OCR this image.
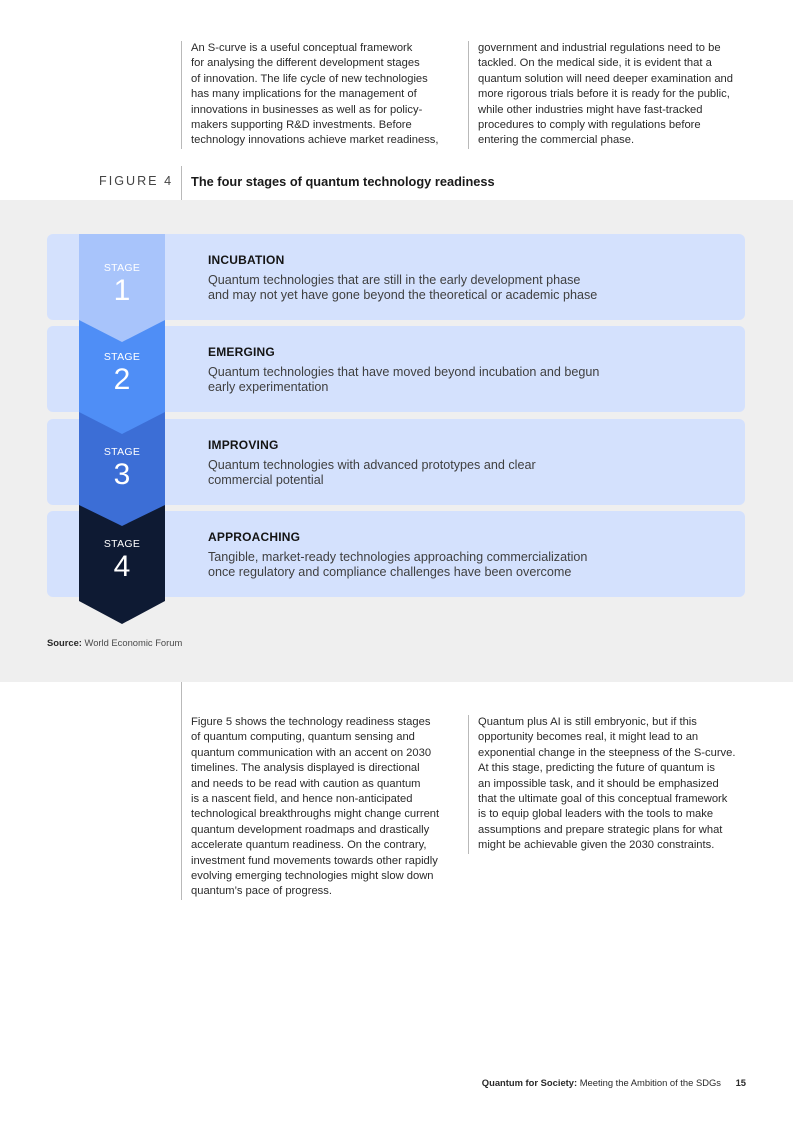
An S-curve is a useful conceptual framework
for analysing the different development stages
of innovation. The life cycle of new technologies
has many implications for the management of
innovations in businesses as well as for policy-
makers supporting R&D investments. Before
technology innovations achieve market readiness,

government and industrial regulations need to be
tackled. On the medical side, it is evident that a
quantum solution will need deeper examination and
more rigorous trials before it is ready for the public,
while other industries might have fast-tracked
procedures to comply with regulations before
entering the commercial phase.

FIGURE 4 The four stages of quantum technology readiness
INCUBATION
Quantum technologies that are still in the early development phase
and may not yet have gone beyond the theoretical or academic phase
EMERGING
Quantum technologies that have moved beyond incubation and begun
early experimentation
IMPROVING
Quantum technologies with advanced prototypes and clear
commercial potential
APPROACHING
Tangible, market-ready technologies approaching commercialization
once regulatory and compliance challenges have been overcome
STAGE
1
STAGE
2
STAGE
3
STAGE
4
Source: World Economic Forum

Figure 5 shows the technology readiness stages
of quantum computing, quantum sensing and
quantum communication with an accent on 2030
timelines. The analysis displayed is directional
and needs to be read with caution as quantum
is a nascent field, and hence non-anticipated
technological breakthroughs might change current
quantum development roadmaps and drastically
accelerate quantum readiness. On the contrary,
investment fund movements towards other rapidly
evolving emerging technologies might slow down
quantum’s pace of progress.

Quantum plus AI is still embryonic, but if this
opportunity becomes real, it might lead to an
exponential change in the steepness of the S-curve.
At this stage, predicting the future of quantum is
an impossible task, and it should be emphasized
that the ultimate goal of this conceptual framework
is to equip global leaders with the tools to make
assumptions and prepare strategic plans for what
might be achievable given the 2030 constraints.

Quantum for Society: Meeting the Ambition of the SDGs 15
